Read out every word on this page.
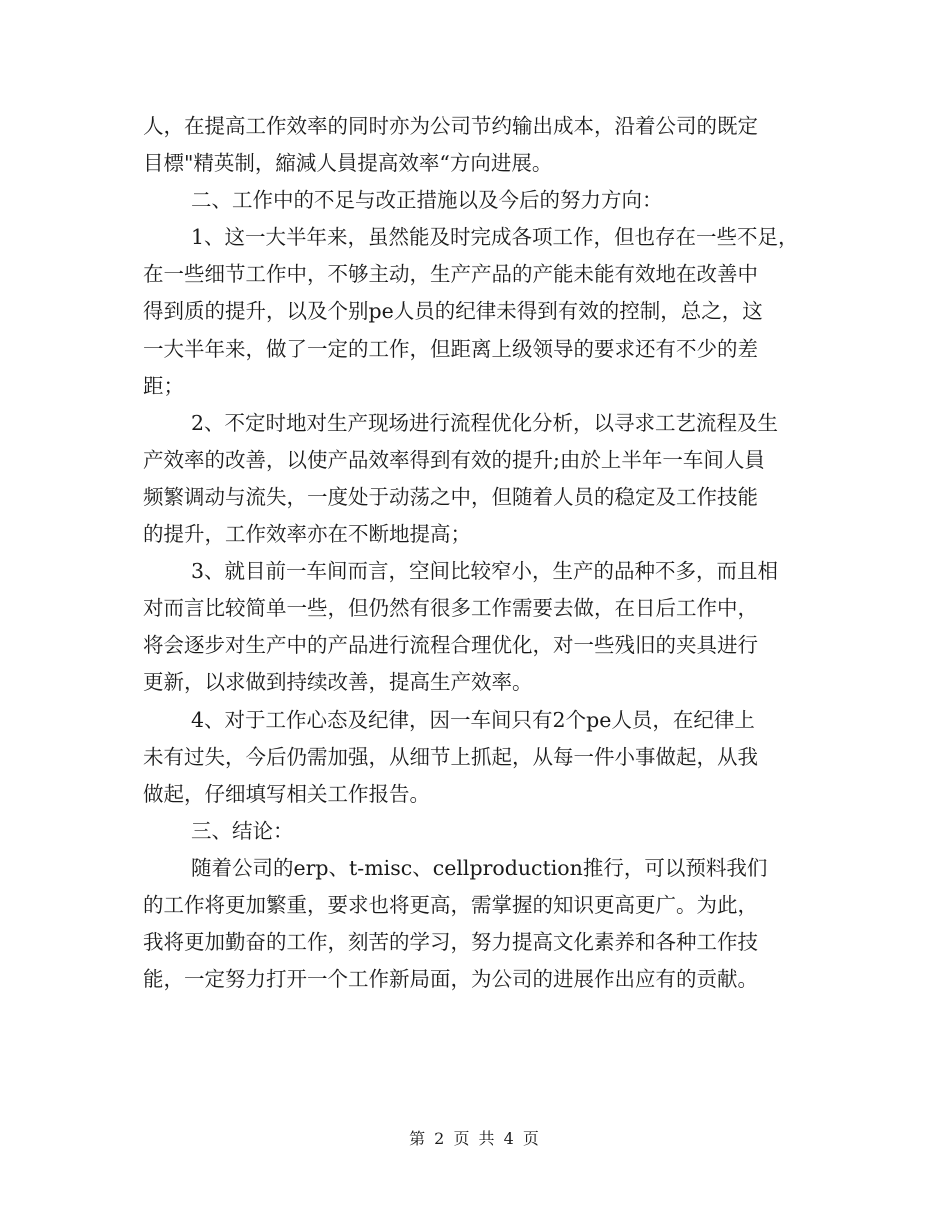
人，在提高工作效率的同时亦为公司节约输出成本，沿着公司的既定
目標"精英制，縮減人員提高效率“方向进展。
二、工作中的不足与改正措施以及今后的努力方向：
1、这一大半年来，虽然能及时完成各项工作，但也存在一些不足，
在一些细节工作中，不够主动，生产产品的产能未能有效地在改善中
得到质的提升，以及个别pe人员的纪律未得到有效的控制，总之，这
一大半年来，做了一定的工作，但距离上级领导的要求还有不少的差
距；
2、不定时地对生产现场进行流程优化分析，以寻求工艺流程及生
产效率的改善，以使产品效率得到有效的提升;由於上半年一车间人員
频繁调动与流失，一度处于动荡之中，但随着人员的稳定及工作技能
的提升，工作效率亦在不断地提高；
3、就目前一车间而言，空间比较窄小，生产的品种不多，而且相
对而言比较简单一些，但仍然有很多工作需要去做，在日后工作中，
将会逐步对生产中的产品进行流程合理优化，对一些残旧的夹具进行
更新，以求做到持续改善，提高生产效率。
4、对于工作心态及纪律，因一车间只有2个pe人员，在纪律上
未有过失，今后仍需加强，从细节上抓起，从每一件小事做起，从我
做起，仔细填写相关工作报告。
三、结论：
随着公司的erp、t-misc、cellproduction推行，可以预料我们
的工作将更加繁重，要求也将更高，需掌握的知识更高更广。为此，
我将更加勤奋的工作，刻苦的学习，努力提高文化素养和各种工作技
能，一定努力打开一个工作新局面，为公司的进展作出应有的贡献。
第 2 页 共 4 页
